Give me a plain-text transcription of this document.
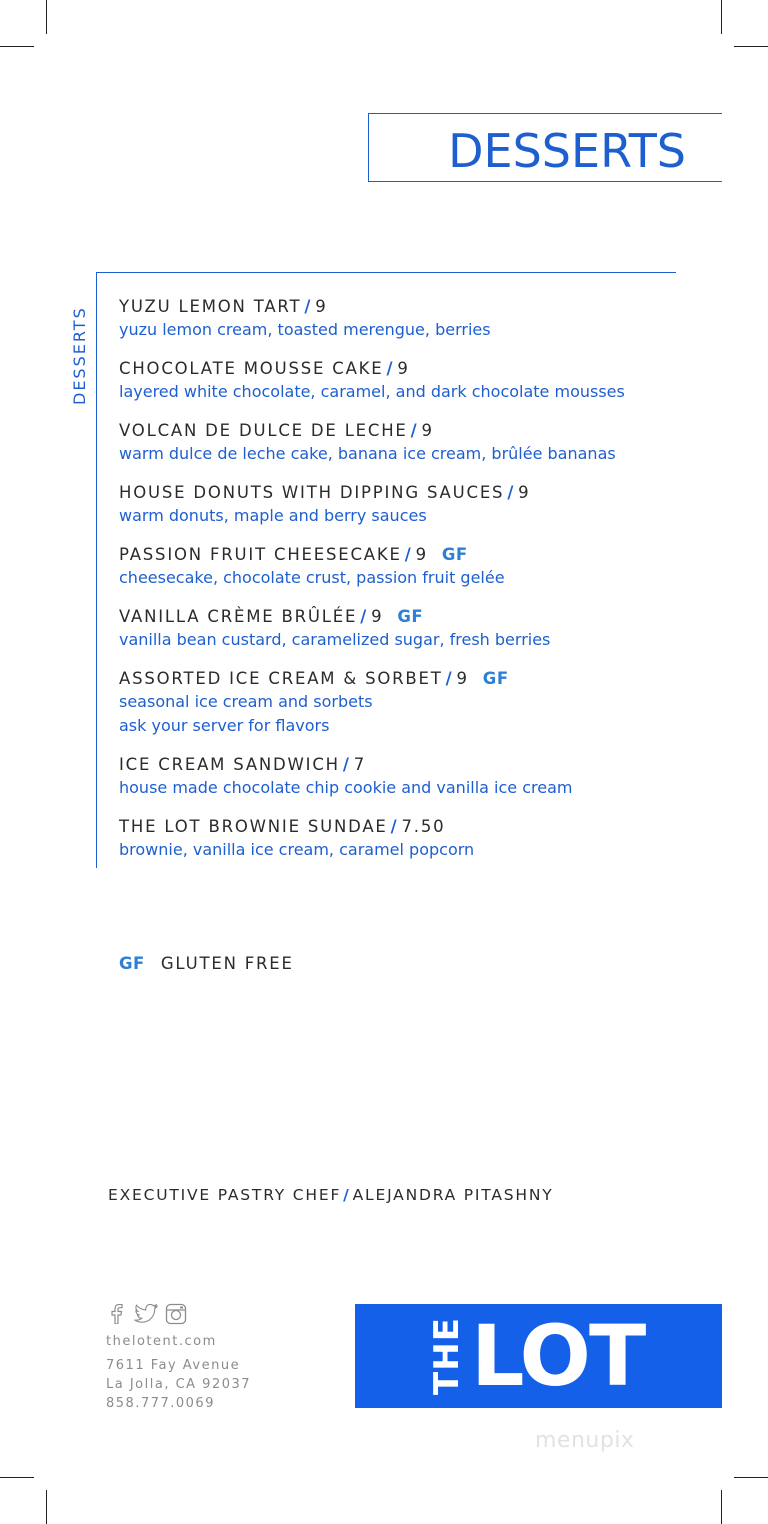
DESSERTS
DESSERTS	YUZU LEMON TART / 9
yuzu lemon cream, toasted merengue, berries
CHOCOLATE MOUSSE CAKE / 9
layered white chocolate, caramel, and dark chocolate mousses
VOLCAN DE DULCE DE LECHE / 9
warm dulce de leche cake, banana ice cream, brûlée bananas
HOUSE DONUTS WITH DIPPING SAUCES / 9
warm donuts, maple and berry sauces
PASSION FRUIT CHEESECAKE / 9 GF
cheesecake, chocolate crust, passion fruit gelée
VANILLA CRÈME BRÛLÉE / 9 GF
vanilla bean custard, caramelized sugar, fresh berries
ASSORTED ICE CREAM & SORBET / 9 GF
seasonal ice cream and sorbets
ask your server for flavors
ICE CREAM SANDWICH / 7
house made chocolate chip cookie and vanilla ice cream
THE LOT BROWNIE SUNDAE / 7.50
brownie, vanilla ice cream, caramel popcorn
GF GLUTEN FREE
EXECUTIVE PASTRY CHEF / ALEJANDRA PITASHNY
thelotent.com
7611 Fay Avenue
La Jolla, CA 92037
858.777.0069
THE LOT
menupix
